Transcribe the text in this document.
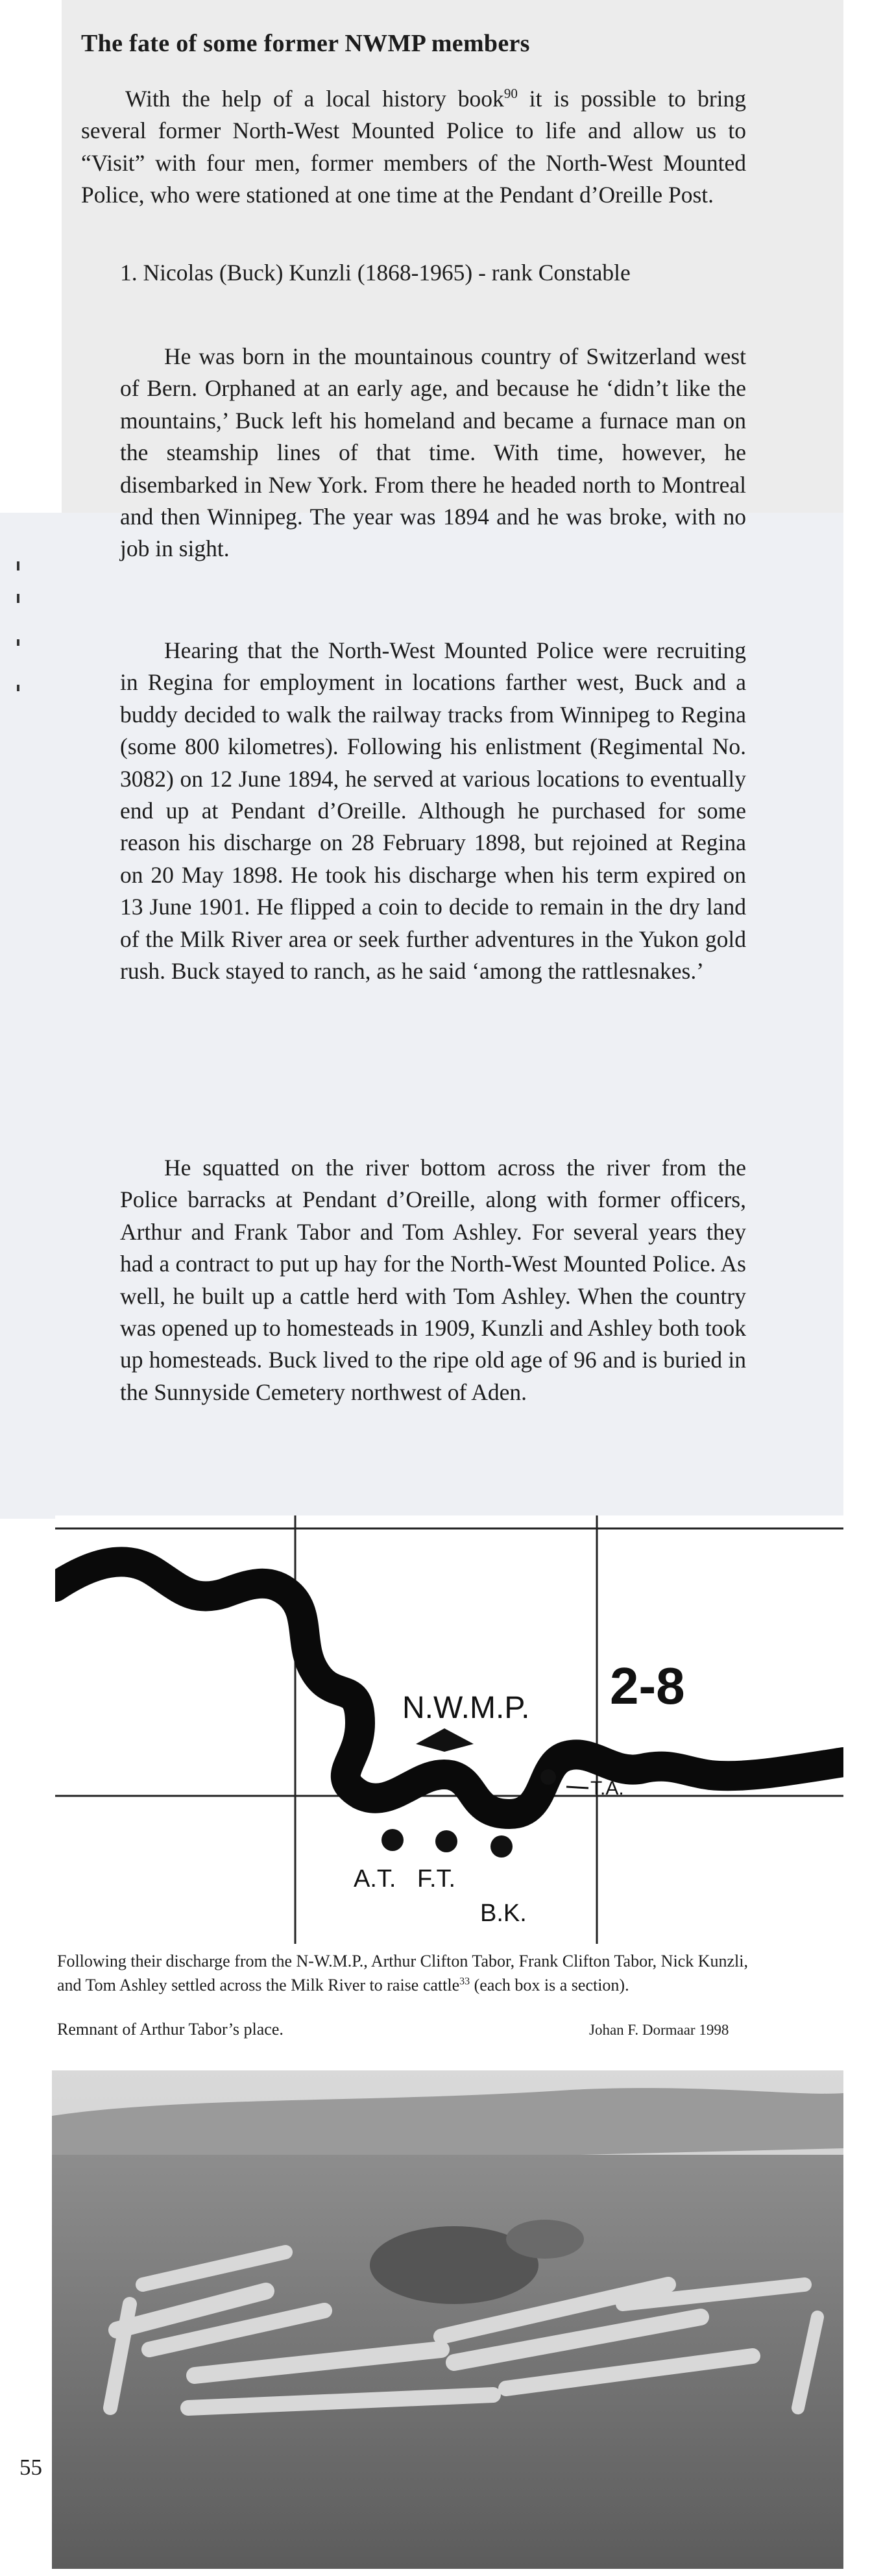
The fate of some former NWMP members

With the help of a local history book$^{90}$ it is possible to bring several former North-West Mounted Police to life and allow us to “Visit” with four men, former members of the North-West Mounted Police, who were stationed at one time at the Pendant d’Oreille Post.

1. Nicolas (Buck) Kunzli (1868-1965) - rank Constable

He was born in the mountainous country of Switzerland west of Bern. Orphaned at an early age, and because he ‘didn’t like the mountains,’ Buck left his homeland and became a furnace man on the steamship lines of that time. With time, however, he disembarked in New York. From there he headed north to Montreal and then Winnipeg. The year was 1894 and he was broke, with no job in sight.

Hearing that the North-West Mounted Police were recruiting in Regina for employment in locations farther west, Buck and a buddy decided to walk the railway tracks from Winnipeg to Regina (some 800 kilometres). Following his enlistment (Regimental No. 3082) on 12 June 1894, he served at various locations to eventually end up at Pendant d’Oreille. Although he purchased for some reason his discharge on 28 February 1898, but rejoined at Regina on 20 May 1898. He took his discharge when his term expired on 13 June 1901. He flipped a coin to decide to remain in the dry land of the Milk River area or seek further adventures in the Yukon gold rush. Buck stayed to ranch, as he said ‘among the rattlesnakes.’

He squatted on the river bottom across the river from the Police barracks at Pendant d’Oreille, along with former officers, Arthur and Frank Tabor and Tom Ashley. For several years they had a contract to put up hay for the North-West Mounted Police. As well, he built up a cattle herd with Tom Ashley. When the country was opened up to homesteads in 1909, Kunzli and Ashley both took up homesteads. Buck lived to the ripe old age of 96 and is buried in the Sunnyside Cemetery northwest of Aden.

N.W.M.P. 2-8
T.A.
A.T. F.T.
B.K.
Following their discharge from the N-W.M.P., Arthur Clifton Tabor, Frank Clifton Tabor, Nick Kunzli, and Tom Ashley settled across the Milk River to raise cattle$^{33}$ (each box is a section).
Remnant of Arthur Tabor’s place.	Johan F. Dormaar 1998
55
